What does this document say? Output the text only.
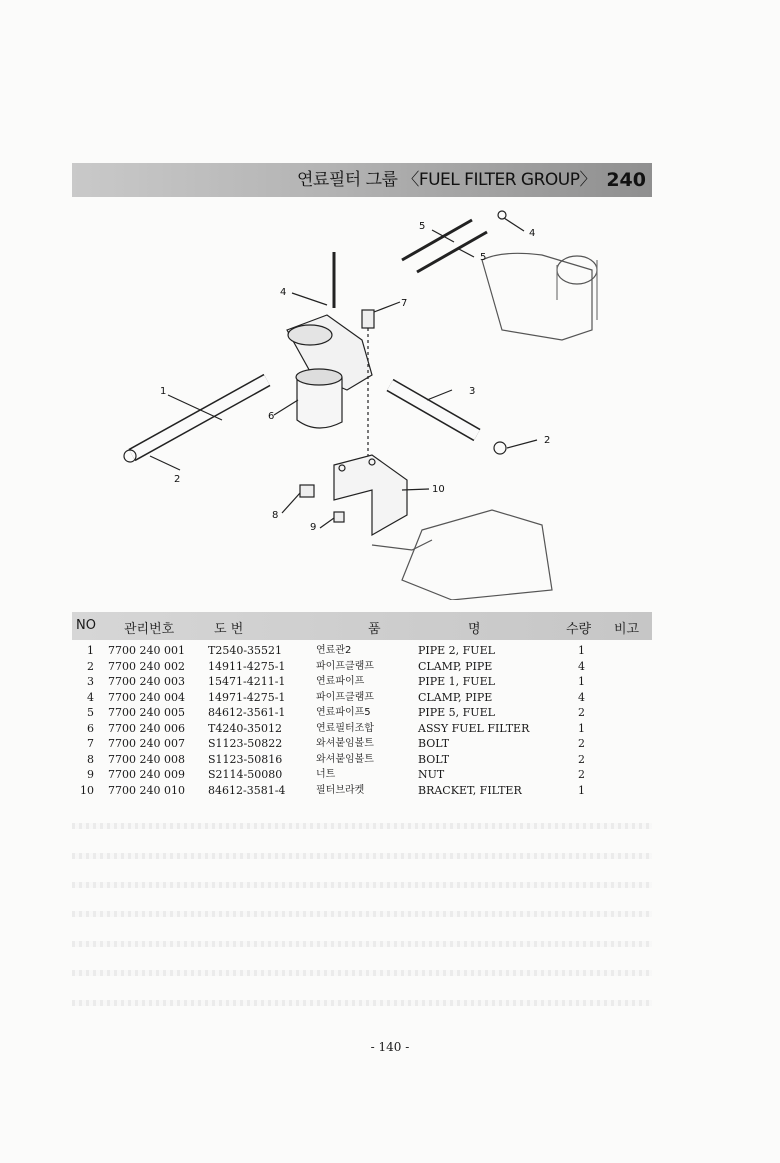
연료필터 그룹 〈FUEL FILTER GROUP〉 240
1
2
2
3
4
4
5
5
6
7
8
9
10
NO 관리번호	도 번	품	명	수량 비고
1 7700 240 001 T2540-35521	연료관2	PIPE 2, FUEL	1
2 7700 240 002 14911-4275-1	파이프클램프	CLAMP, PIPE	4
3 7700 240 003 15471-4211-1	연료파이프	PIPE 1, FUEL	1
4 7700 240 004 14971-4275-1	파이프클램프	CLAMP, PIPE	4
5 7700 240 005 84612-3561-1	연료파이프5	PIPE 5, FUEL	2
6 7700 240 006 T4240-35012	연료필터조합	ASSY FUEL FILTER	1
7 7700 240 007 S1123-50822	와셔붙임볼트	BOLT	2
8 7700 240 008 S1123-50816	와셔붙임볼트	BOLT	2
9 7700 240 009 S2114-50080	너트	NUT	2
10 7700 240 010 84612-3581-4	필터브라켓	BRACKET, FILTER	1
- 140 -
